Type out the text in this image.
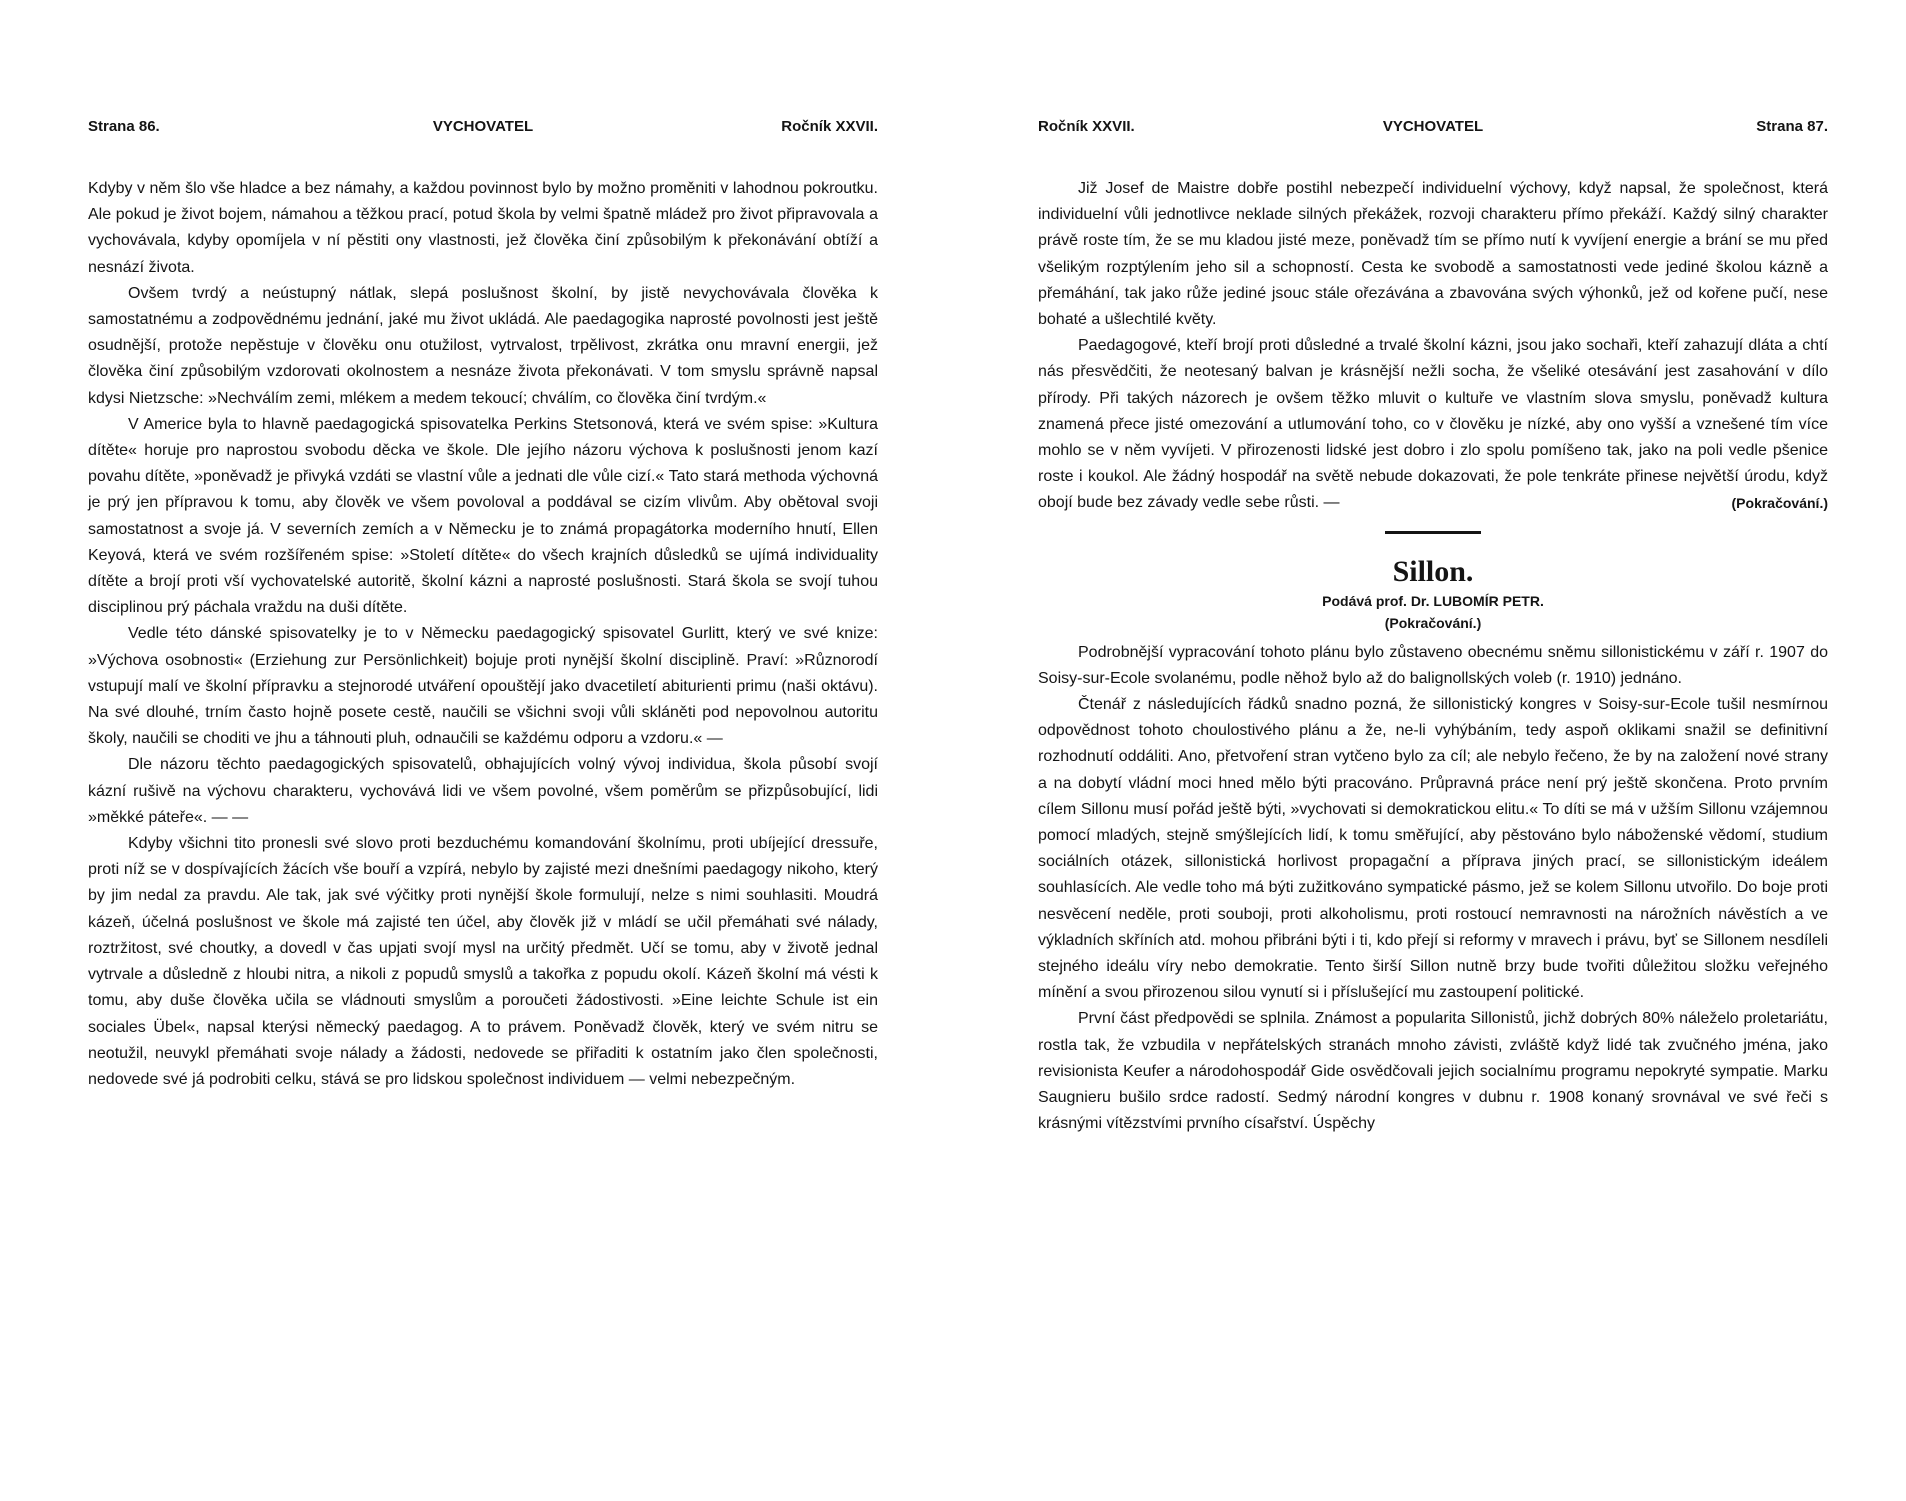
Strana 86.	VYCHOVATEL	Ročník XXVII.

Kdyby v něm šlo vše hladce a bez námahy, a každou povinnost bylo by možno proměniti v lahodnou pokroutku. Ale pokud je život bojem, námahou a těžkou prací, potud škola by velmi špatně mládež pro život připravovala a vychovávala, kdyby opomíjela v ní pěstiti ony vlastnosti, jež člověka činí způsobilým k překonávání obtíží a nesnází života.

Ovšem tvrdý a neústupný nátlak, slepá poslušnost školní, by jistě nevychovávala člověka k samostatnému a zodpovědnému jednání, jaké mu život ukládá. Ale paedagogika naprosté povolnosti jest ještě osudnější, protože nepěstuje v člověku onu otužilost, vytrvalost, trpělivost, zkrátka onu mravní energii, jež člověka činí způsobilým vzdorovati okolnostem a nesnáze života překonávati. V tom smyslu správně napsal kdysi Nietzsche: »Nechválím zemi, mlékem a medem tekoucí; chválím, co člověka činí tvrdým.«

V Americe byla to hlavně paedagogická spisovatelka Perkins Stetsonová, která ve svém spise: »Kultura dítěte« horuje pro naprostou svobodu děcka ve škole. Dle jejího názoru výchova k poslušnosti jenom kazí povahu dítěte, »poněvadž je přivyká vzdáti se vlastní vůle a jednati dle vůle cizí.« Tato stará methoda výchovná je prý jen přípravou k tomu, aby člověk ve všem povoloval a poddával se cizím vlivům. Aby obětoval svoji samostatnost a svoje já. V severních zemích a v Německu je to známá propagátorka moderního hnutí, Ellen Keyová, která ve svém rozšířeném spise: »Století dítěte« do všech krajních důsledků se ujímá individuality dítěte a brojí proti vší vychovatelské autoritě, školní kázni a naprosté poslušnosti. Stará škola se svojí tuhou disciplinou prý páchala vraždu na duši dítěte.

Vedle této dánské spisovatelky je to v Německu paedagogický spisovatel Gurlitt, který ve své knize: »Výchova osobnosti« (Erziehung zur Persönlichkeit) bojuje proti nynější školní disciplině. Praví: »Různorodí vstupují malí ve školní přípravku a stejnorodé utváření opouštějí jako dvacetiletí abiturienti primu (naši oktávu). Na své dlouhé, trním často hojně posete cestě, naučili se všichni svoji vůli skláněti pod nepovolnou autoritu školy, naučili se choditi ve jhu a táhnouti pluh, odnaučili se každému odporu a vzdoru.« —

Dle názoru těchto paedagogických spisovatelů, obhajujících volný vývoj individua, škola působí svojí kázní rušivě na výchovu charakteru, vychovává lidi ve všem povolné, všem poměrům se přizpůsobující, lidi »měkké páteře«. — —

Kdyby všichni tito pronesli své slovo proti bezduchému komandování školnímu, proti ubíjející dressuře, proti níž se v dospívajících žácích vše bouří a vzpírá, nebylo by zajisté mezi dnešními paedagogy nikoho, který by jim nedal za pravdu. Ale tak, jak své výčitky proti nynější škole formulují, nelze s nimi souhlasiti. Moudrá kázeň, účelná poslušnost ve škole má zajisté ten účel, aby člověk již v mládí se učil přemáhati své nálady, roztržitost, své choutky, a dovedl v čas upjati svojí mysl na určitý předmět. Učí se tomu, aby v životě jednal vytrvale a důsledně z hloubi nitra, a nikoli z popudů smyslů a takořka z popudu okolí. Kázeň školní má vésti k tomu, aby duše člověka učila se vládnouti smyslům a poroučeti žádostivosti. »Eine leichte Schule ist ein sociales Übel«, napsal kterýsi německý paedagog. A to právem. Poněvadž člověk, který ve svém nitru se neotužil, neuvykl přemáhati svoje nálady a žádosti, nedovede se přiřaditi k ostatním jako člen společnosti, nedovede své já podrobiti celku, stává se pro lidskou společnost individuem — velmi nebezpečným.

Ročník XXVII.	VYCHOVATEL	Strana 87.

Již Josef de Maistre dobře postihl nebezpečí individuelní výchovy, když napsal, že společnost, která individuelní vůli jednotlivce neklade silných překážek, rozvoji charakteru přímo překáží. Každý silný charakter právě roste tím, že se mu kladou jisté meze, poněvadž tím se přímo nutí k vyvíjení energie a brání se mu před všelikým rozptýlením jeho sil a schopností. Cesta ke svobodě a samostatnosti vede jediné školou kázně a přemáhání, tak jako růže jediné jsouc stále ořezávána a zbavována svých výhonků, jež od kořene pučí, nese bohaté a ušlechtilé květy.

Paedagogové, kteří brojí proti důsledné a trvalé školní kázni, jsou jako sochaři, kteří zahazují dláta a chtí nás přesvědčiti, že neotesaný balvan je krásnější nežli socha, že všeliké otesávání jest zasahování v dílo přírody. Při takých názorech je ovšem těžko mluvit o kultuře ve vlastním slova smyslu, poněvadž kultura znamená přece jisté omezování a utlumování toho, co v člověku je nízké, aby ono vyšší a vznešené tím více mohlo se v něm vyvíjeti. V přirozenosti lidské jest dobro i zlo spolu pomíšeno tak, jako na poli vedle pšenice roste i koukol. Ale žádný hospodář na světě nebude dokazovati, že pole tenkráte přinese největší úrodu, když obojí bude bez závady vedle sebe růsti. —	(Pokračování.)

Sillon.
Podává prof. Dr. LUBOMÍR PETR.
(Pokračování.)

Podrobnější vypracování tohoto plánu bylo zůstaveno obecnému sněmu sillonistickému v září r. 1907 do Soisy-sur-Ecole svolanému, podle něhož bylo až do balignollských voleb (r. 1910) jednáno.

Čtenář z následujících řádků snadno pozná, že sillonistický kongres v Soisy-sur-Ecole tušil nesmírnou odpovědnost tohoto choulostivého plánu a že, ne-li vyhýbáním, tedy aspoň oklikami snažil se definitivní rozhodnutí oddáliti. Ano, přetvoření stran vytčeno bylo za cíl; ale nebylo řečeno, že by na založení nové strany a na dobytí vládní moci hned mělo býti pracováno. Průpravná práce není prý ještě skončena. Proto prvním cílem Sillonu musí pořád ještě býti, »vychovati si demokratickou elitu.« To díti se má v užším Sillonu vzájemnou pomocí mladých, stejně smýšlejících lidí, k tomu směřující, aby pěstováno bylo náboženské vědomí, studium sociálních otázek, sillonistická horlivost propagační a příprava jiných prací, se sillonistickým ideálem souhlasících. Ale vedle toho má býti zužitkováno sympatické pásmo, jež se kolem Sillonu utvořilo. Do boje proti nesvěcení neděle, proti souboji, proti alkoholismu, proti rostoucí nemravnosti na nárožních návěstích a ve výkladních skříních atd. mohou přibráni býti i ti, kdo přejí si reformy v mravech i právu, byť se Sillonem nesdíleli stejného ideálu víry nebo demokratie. Tento širší Sillon nutně brzy bude tvořiti důležitou složku veřejného mínění a svou přirozenou silou vynutí si i příslušející mu zastoupení politické.

První část předpovědi se splnila. Známost a popularita Sillonistů, jichž dobrých 80% náleželo proletariátu, rostla tak, že vzbudila v nepřátelských stranách mnoho závisti, zvláště když lidé tak zvučného jména, jako revisionista Keufer a národohospodář Gide osvědčovali jejich socialnímu programu nepokryté sympatie. Marku Saugnieru bušilo srdce radostí. Sedmý národní kongres v dubnu r. 1908 konaný srovnával ve své řeči s krásnými vítězstvími prvního císařství. Úspěchy
